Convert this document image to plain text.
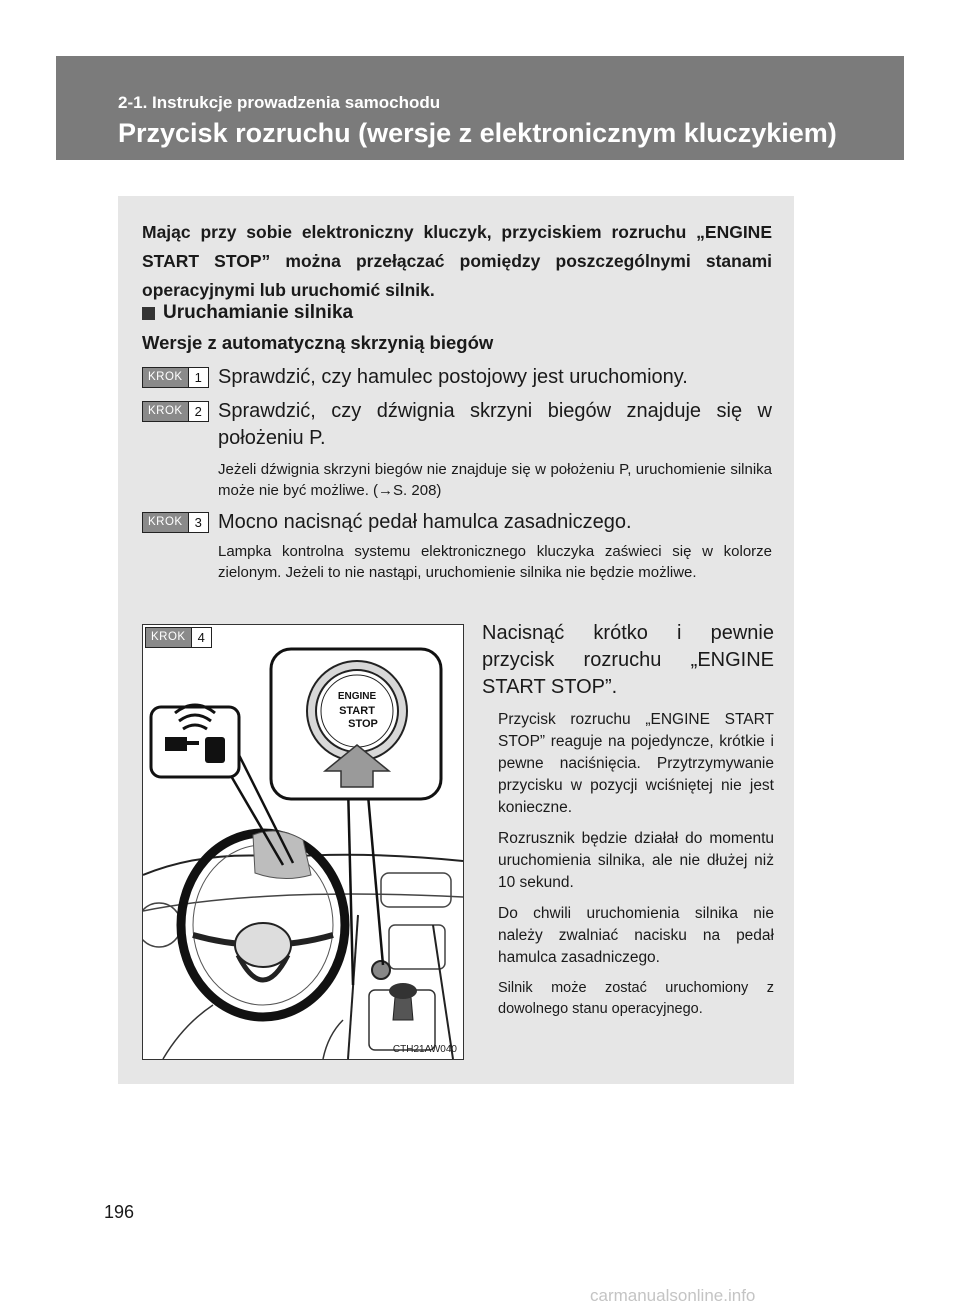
2-1. Instrukcje prowadzenia samochodu
Przycisk rozruchu (wersje z elektronicznym kluczykiem)
Mając przy sobie elektroniczny kluczyk, przyciskiem rozruchu „ENGINE START STOP” można przełączać pomiędzy poszczególnymi stanami operacyjnymi lub uruchomić silnik.
Uruchamianie silnika
Wersje z automatyczną skrzynią biegów
KROK 1 Sprawdzić, czy hamulec postojowy jest uruchomiony.
KROK 2 Sprawdzić, czy dźwignia skrzyni biegów znajduje się w położeniu P.
Jeżeli dźwignia skrzyni biegów nie znajduje się w położeniu P, uruchomienie silnika może nie być możliwe. (→S. 208)
KROK 3 Mocno nacisnąć pedał hamulca zasadniczego.
Lampka kontrolna systemu elektronicznego kluczyka zaświeci się w kolorze zielonym. Jeżeli to nie nastąpi, uruchomienie silnika nie będzie możliwe.
ENGINE
START
STOP
KROK 4
CTH21AW040

Nacisnąć krótko i pewnie przycisk rozruchu „ENGINE START STOP”.

Przycisk rozruchu „ENGINE START STOP” reaguje na pojedyncze, krótkie i pewne naciśnięcia. Przytrzymywanie przycisku w pozycji wciśniętej nie jest konieczne.

Rozrusznik będzie działał do momentu uruchomienia silnika, ale nie dłużej niż 10 sekund.

Do chwili uruchomienia silnika nie należy zwalniać nacisku na pedał hamulca zasadniczego.

Silnik może zostać uruchomiony z dowolnego stanu operacyjnego.

196
carmanualsonline.info
